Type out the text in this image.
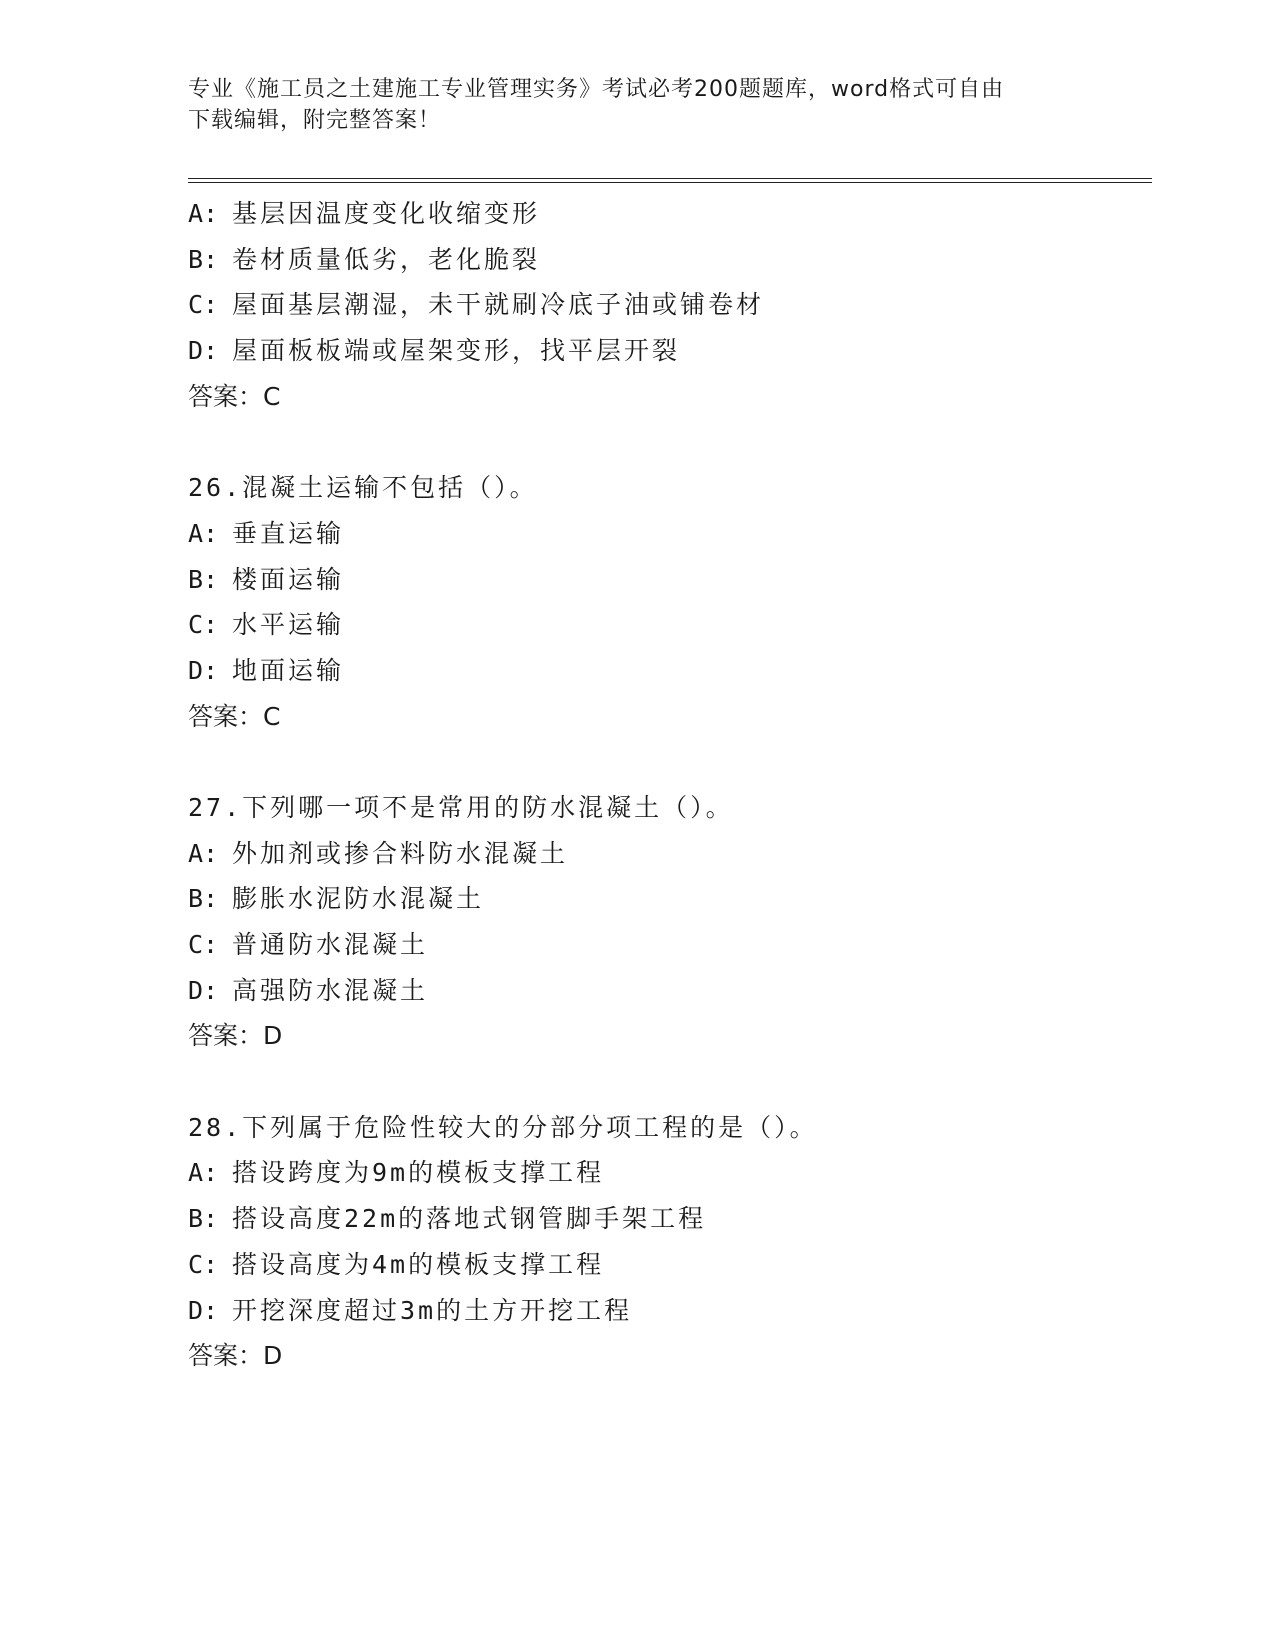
专业《施工员之土建施工专业管理实务》考试必考200题题库，word格式可自由
下载编辑，附完整答案！
A: 基层因温度变化收缩变形
B: 卷材质量低劣，老化脆裂
C: 屋面基层潮湿，未干就刷冷底子油或铺卷材
D: 屋面板板端或屋架变形，找平层开裂
答案：C
26.混凝土运输不包括（）。
A: 垂直运输
B: 楼面运输
C: 水平运输
D: 地面运输
答案：C
27.下列哪一项不是常用的防水混凝土（）。
A: 外加剂或掺合料防水混凝土
B: 膨胀水泥防水混凝土
C: 普通防水混凝土
D: 高强防水混凝土
答案：D
28.下列属于危险性较大的分部分项工程的是（）。
A: 搭设跨度为9m的模板支撑工程
B: 搭设高度22m的落地式钢管脚手架工程
C: 搭设高度为4m的模板支撑工程
D: 开挖深度超过3m的土方开挖工程
答案：D
